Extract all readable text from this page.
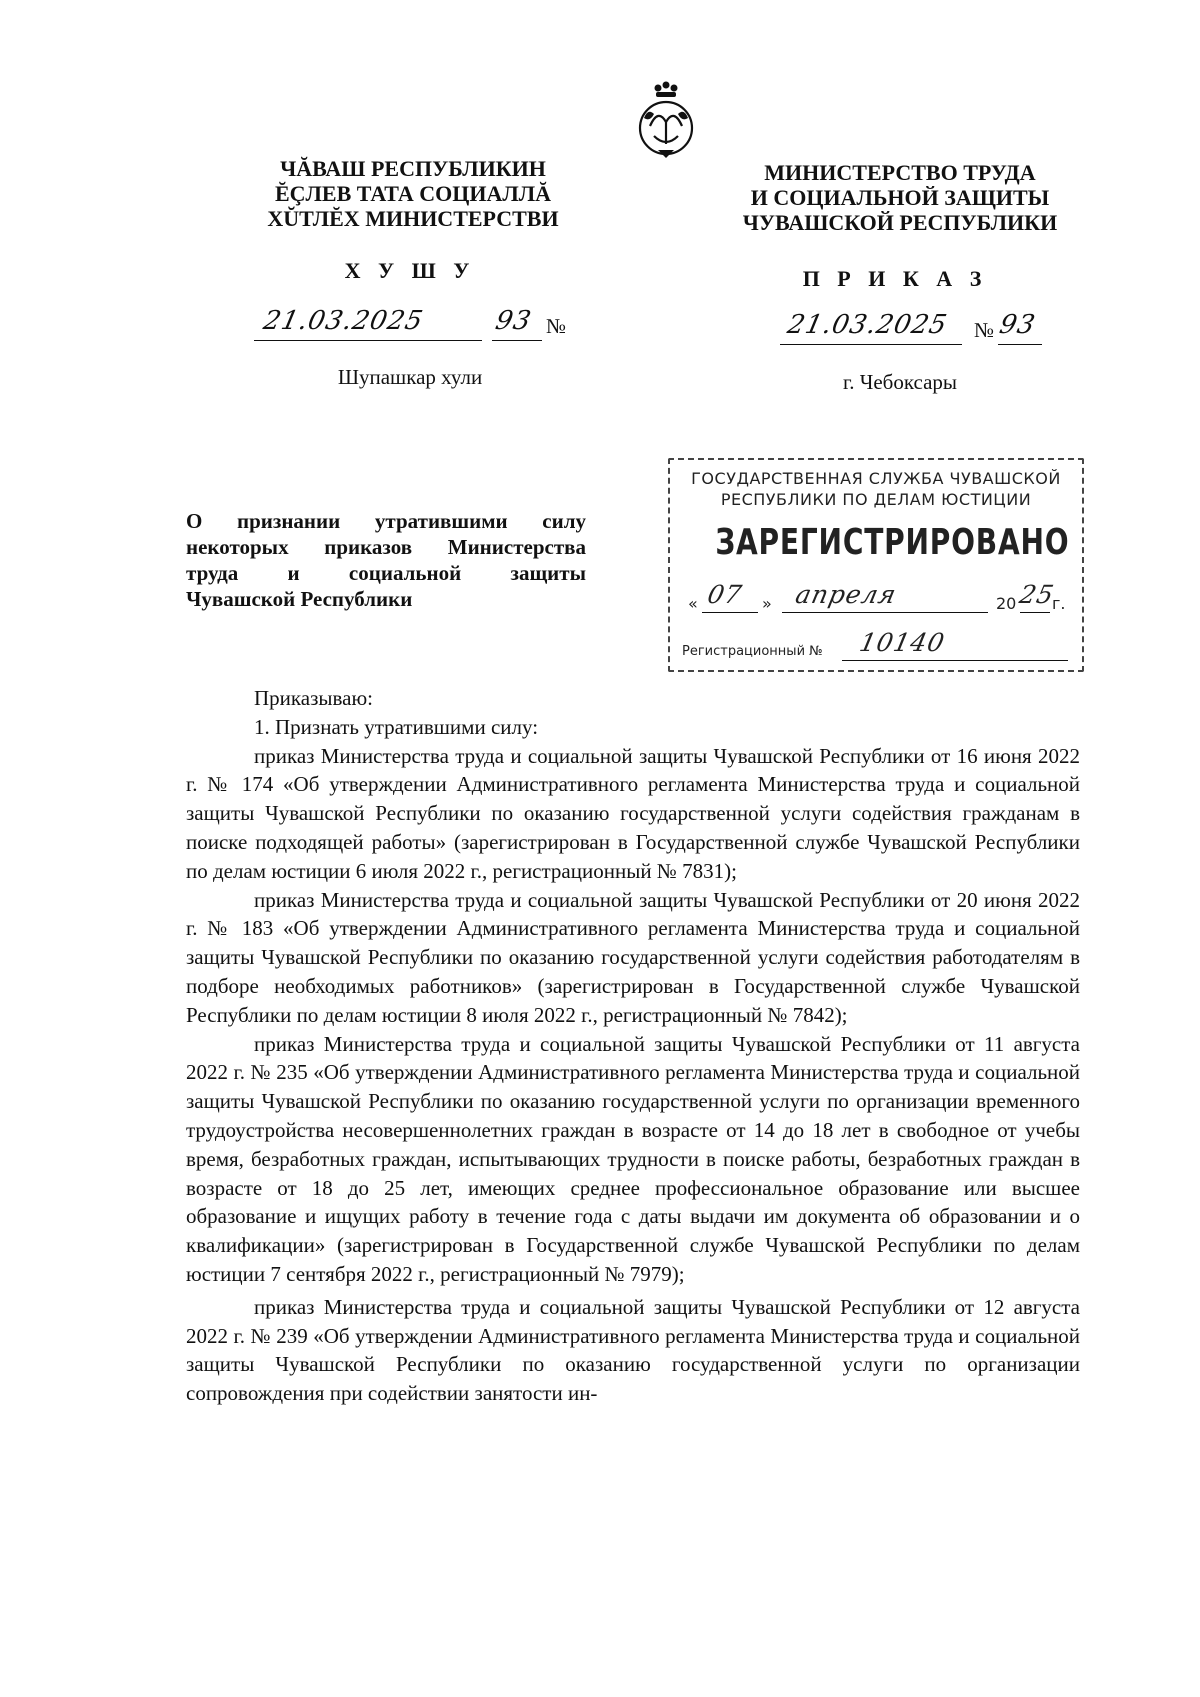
ЧĂВАШ РЕСПУБЛИКИН
ĔÇЛЕВ ТАТА СОЦИАЛЛĂ
ХŬТЛĔХ МИНИСТЕРСТВИ
Х У Ш У
21.03.2025	93 №
Шупашкар хули
МИНИСТЕРСТВО ТРУДА
И СОЦИАЛЬНОЙ ЗАЩИТЫ
ЧУВАШСКОЙ РЕСПУБЛИКИ
П Р И К А З
21.03.2025 № 93
г. Чебоксары
ГОСУДАРСТВЕННАЯ СЛУЖБА ЧУВАШСКОЙ
РЕСПУБЛИКИ ПО ДЕЛАМ ЮСТИЦИИ
ЗАРЕГИСТРИРОВАНО
« 07 » апреля	20 25
г.
Регистрационный № 10140
О признании утратившими силу
некоторых приказов Министерства
труда и социальной защиты
Чувашской Республики

Приказываю:

1. Признать утратившими силу:

приказ Министерства труда и социальной защиты Чувашской Республики от 16 июня 2022 г. № 174 «Об утверждении Административного регламента Министерства труда и социальной защиты Чувашской Республики по оказанию государственной услуги содействия гражданам в поиске подходящей работы» (зарегистрирован в Государственной службе Чувашской Республики по делам юстиции 6 июля 2022 г., регистрационный № 7831);

приказ Министерства труда и социальной защиты Чувашской Республики от 20 июня 2022 г. № 183 «Об утверждении Административного регламента Министерства труда и социальной защиты Чувашской Республики по оказанию государственной услуги содействия работодателям в подборе необходимых работников» (зарегистрирован в Государственной службе Чувашской Республики по делам юстиции 8 июля 2022 г., регистрационный № 7842);

приказ Министерства труда и социальной защиты Чувашской Республики от 11 августа 2022 г. № 235 «Об утверждении Административного регламента Министерства труда и социальной защиты Чувашской Республики по оказанию государственной услуги по организации временного трудоустройства несовершеннолетних граждан в возрасте от 14 до 18 лет в свободное от учебы время, безработных граждан, испытывающих трудности в поиске работы, безработных граждан в возрасте от 18 до 25 лет, имеющих среднее профессиональное образование или высшее образование и ищущих работу в течение года с даты выдачи им документа об образовании и о квалификации» (зарегистрирован в Государственной службе Чувашской Республики по делам юстиции 7 сентября 2022 г., регистрационный № 7979);

приказ Министерства труда и социальной защиты Чувашской Республики от 12 августа 2022 г. № 239 «Об утверждении Административного регламента Министерства труда и социальной защиты Чувашской Республики по оказанию государственной услуги по организации сопровождения при содействии занятости ин-
